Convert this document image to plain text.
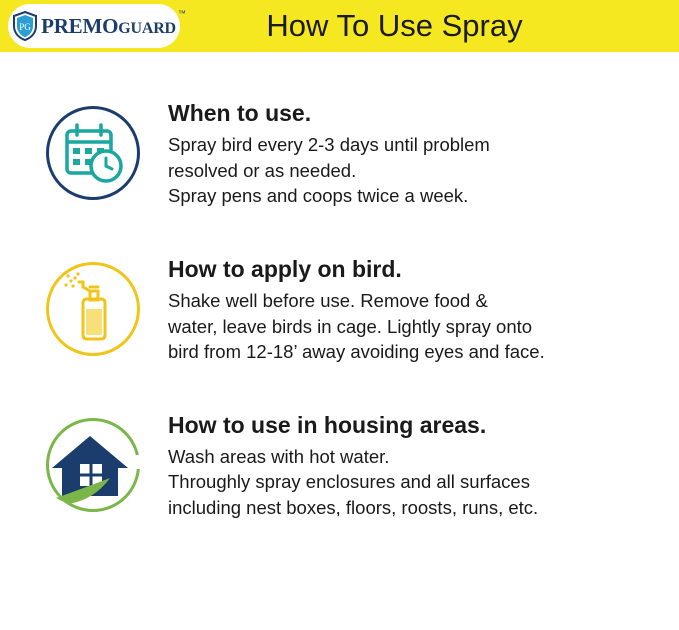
PG PREMOGUARD
™	How To Use Spray
When to use.
Spray bird every 2-3 days until problem
resolved or as needed.
Spray pens and coops twice a week.
How to apply on bird.
Shake well before use. Remove food &
water, leave birds in cage. Lightly spray onto
bird from 12-18’ away avoiding eyes and face.
How to use in housing areas.
Wash areas with hot water.
Throughly spray enclosures and all surfaces
including nest boxes, floors, roosts, runs, etc.
